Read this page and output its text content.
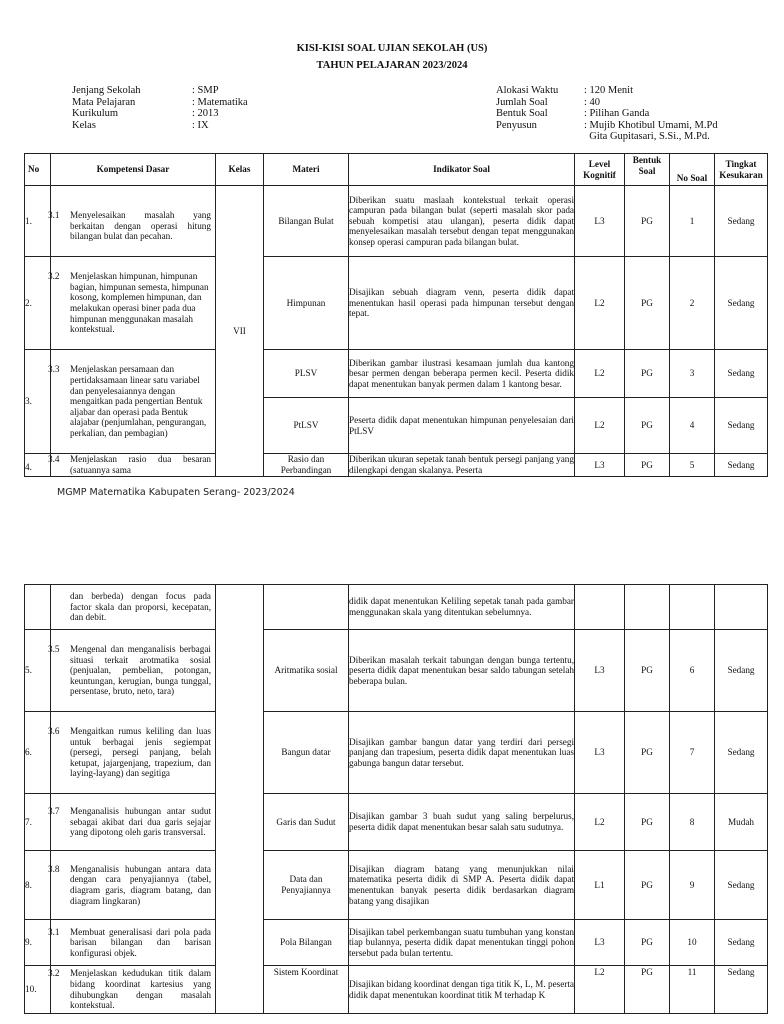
KISI-KISI SOAL UJIAN SEKOLAH (US)
TAHUN PELAJARAN 2023/2024
Jenjang Sekolah	: SMP
Mata Pelajaran	: Matematika
Kurikulum	: 2013
Kelas	: IX
Alokasi Waktu	: 120 Menit
Jumlah Soal	: 40
Bentuk Soal	: Pilihan Ganda
Penyusun	: Mujib Khotibul Umami, M.Pd
Gita Gupitasari, S.Si., M.Pd.
No	Kompetensi Dasar	Kelas	Materi	Indikator Soal	Level Kognitif	Bentuk Soal	No Soal	Tingkat Kesukaran
1.	3.1 Menyelesaikan masalah yang berkaitan dengan operasi hitung bilangan bulat dan pecahan.	VII	Bilangan Bulat	Diberikan suatu maslaah kontekstual terkait operasi campuran pada bilangan bulat (seperti masalah skor pada sebuah kompetisi atau ulangan), peserta didik dapat menyelesaikan masalah tersebut dengan tepat menggunakan konsep operasi campuran pada bilangan bulat.	L3	PG	1	Sedang
2.	3.2 Menjelaskan himpunan, himpunan bagian, himpunan semesta, himpunan kosong, komplemen himpunan, dan melakukan operasi biner pada dua himpunan menggunakan masalah kontekstual.		Himpunan	Disajikan sebuah diagram venn, peserta didik dapat menentukan hasil operasi pada himpunan tersebut dengan tepat.	L2	PG	2	Sedang
3.	3.3 Menjelaskan persamaan dan pertidaksamaan linear satu variabel dan penyelesaiannya dengan mengaitkan pada pengertian Bentuk aljabar dan operasi pada Bentuk alajabar (penjumlahan, pengurangan, perkalian, dan pembagian)		PLSV	Diberikan gambar ilustrasi kesamaan jumlah dua kantong besar permen dengan beberapa permen kecil. Peserta didik dapat menentukan banyak permen dalam 1 kantong besar.	L2	PG	3	Sedang
			PtLSV	Peserta didik dapat menentukan himpunan penyelesaian dari PtLSV	L2	PG	4	Sedang
4.	3.4 Menjelaskan rasio dua besaran (satuannya sama		Rasio dan Perbandingan	Diberikan ukuran sepetak tanah bentuk persegi panjang yang dilengkapi dengan skalanya. Peserta	L3	PG	5	Sedang
MGMP Matematika Kabupaten Serang- 2023/2024

	dan berbeda) dengan focus pada factor skala dan proporsi, kecepatan, dan debit.			didik dapat menentukan Keliling sepetak tanah pada gambar menggunakan skala yang ditentukan sebelumnya.				
5.	3.5 Mengenal dan menganalisis berbagai situasi terkait arotmatika sosial (penjualan, pembelian, potongan, keuntungan, kerugian, bunga tunggal, persentase, bruto, neto, tara)		Aritmatika sosial	Diberikan masalah terkait tabungan dengan bunga tertentu, peserta didik dapat menentukan besar saldo tabungan setelah beberapa bulan.	L3	PG	6	Sedang
6.	3.6 Mengaitkan rumus keliling dan luas untuk berbagai jenis segiempat (persegi, persegi panjang, belah ketupat, jajargenjang, trapezium, dan laying-layang) dan segitiga		Bangun datar	Disajikan gambar bangun datar yang terdiri dari persegi panjang dan trapesium, peserta didik dapat menentukan luas gabunga bangun datar tersebut.	L3	PG	7	Sedang
7.	3.7 Menganalisis hubungan antar sudut sebagai akibat dari dua garis sejajar yang dipotong oleh garis transversal.		Garis dan Sudut	Disajikan gambar 3 buah sudut yang saling berpelurus, peserta didik dapat menentukan besar salah satu sudutnya.	L2	PG	8	Mudah
8.	3.8 Menganalisis hubungan antara data dengan cara penyajiannya (tabel, diagram garis, diagram batang, dan diagram lingkaran)		Data dan Penyajiannya	Disajikan diagram batang yang menunjukkan nilai matematika peserta didik di SMP A. Peserta didik dapat menentukan banyak peserta didik berdasarkan diagram batang yang disajikan	L1	PG	9	Sedang
9.	3.1 Membuat generalisasi dari pola pada barisan bilangan dan barisan konfigurasi objek.		Pola Bilangan	Disajikan tabel perkembangan suatu tumbuhan yang konstan tiap bulannya, peserta didik dapat menentukan tinggi pohon tersebut pada bulan tertentu.	L3	PG	10	Sedang
10.	3.2 Menjelaskan kedudukan titik dalam bidang koordinat kartesius yang dihubungkan dengan masalah kontekstual.		Sistem Koordinat	Disajikan bidang koordinat dengan tiga titik K, L, M. peserta didik dapat menentukan koordinat titik M terhadap K	L2	PG	11	Sedang
